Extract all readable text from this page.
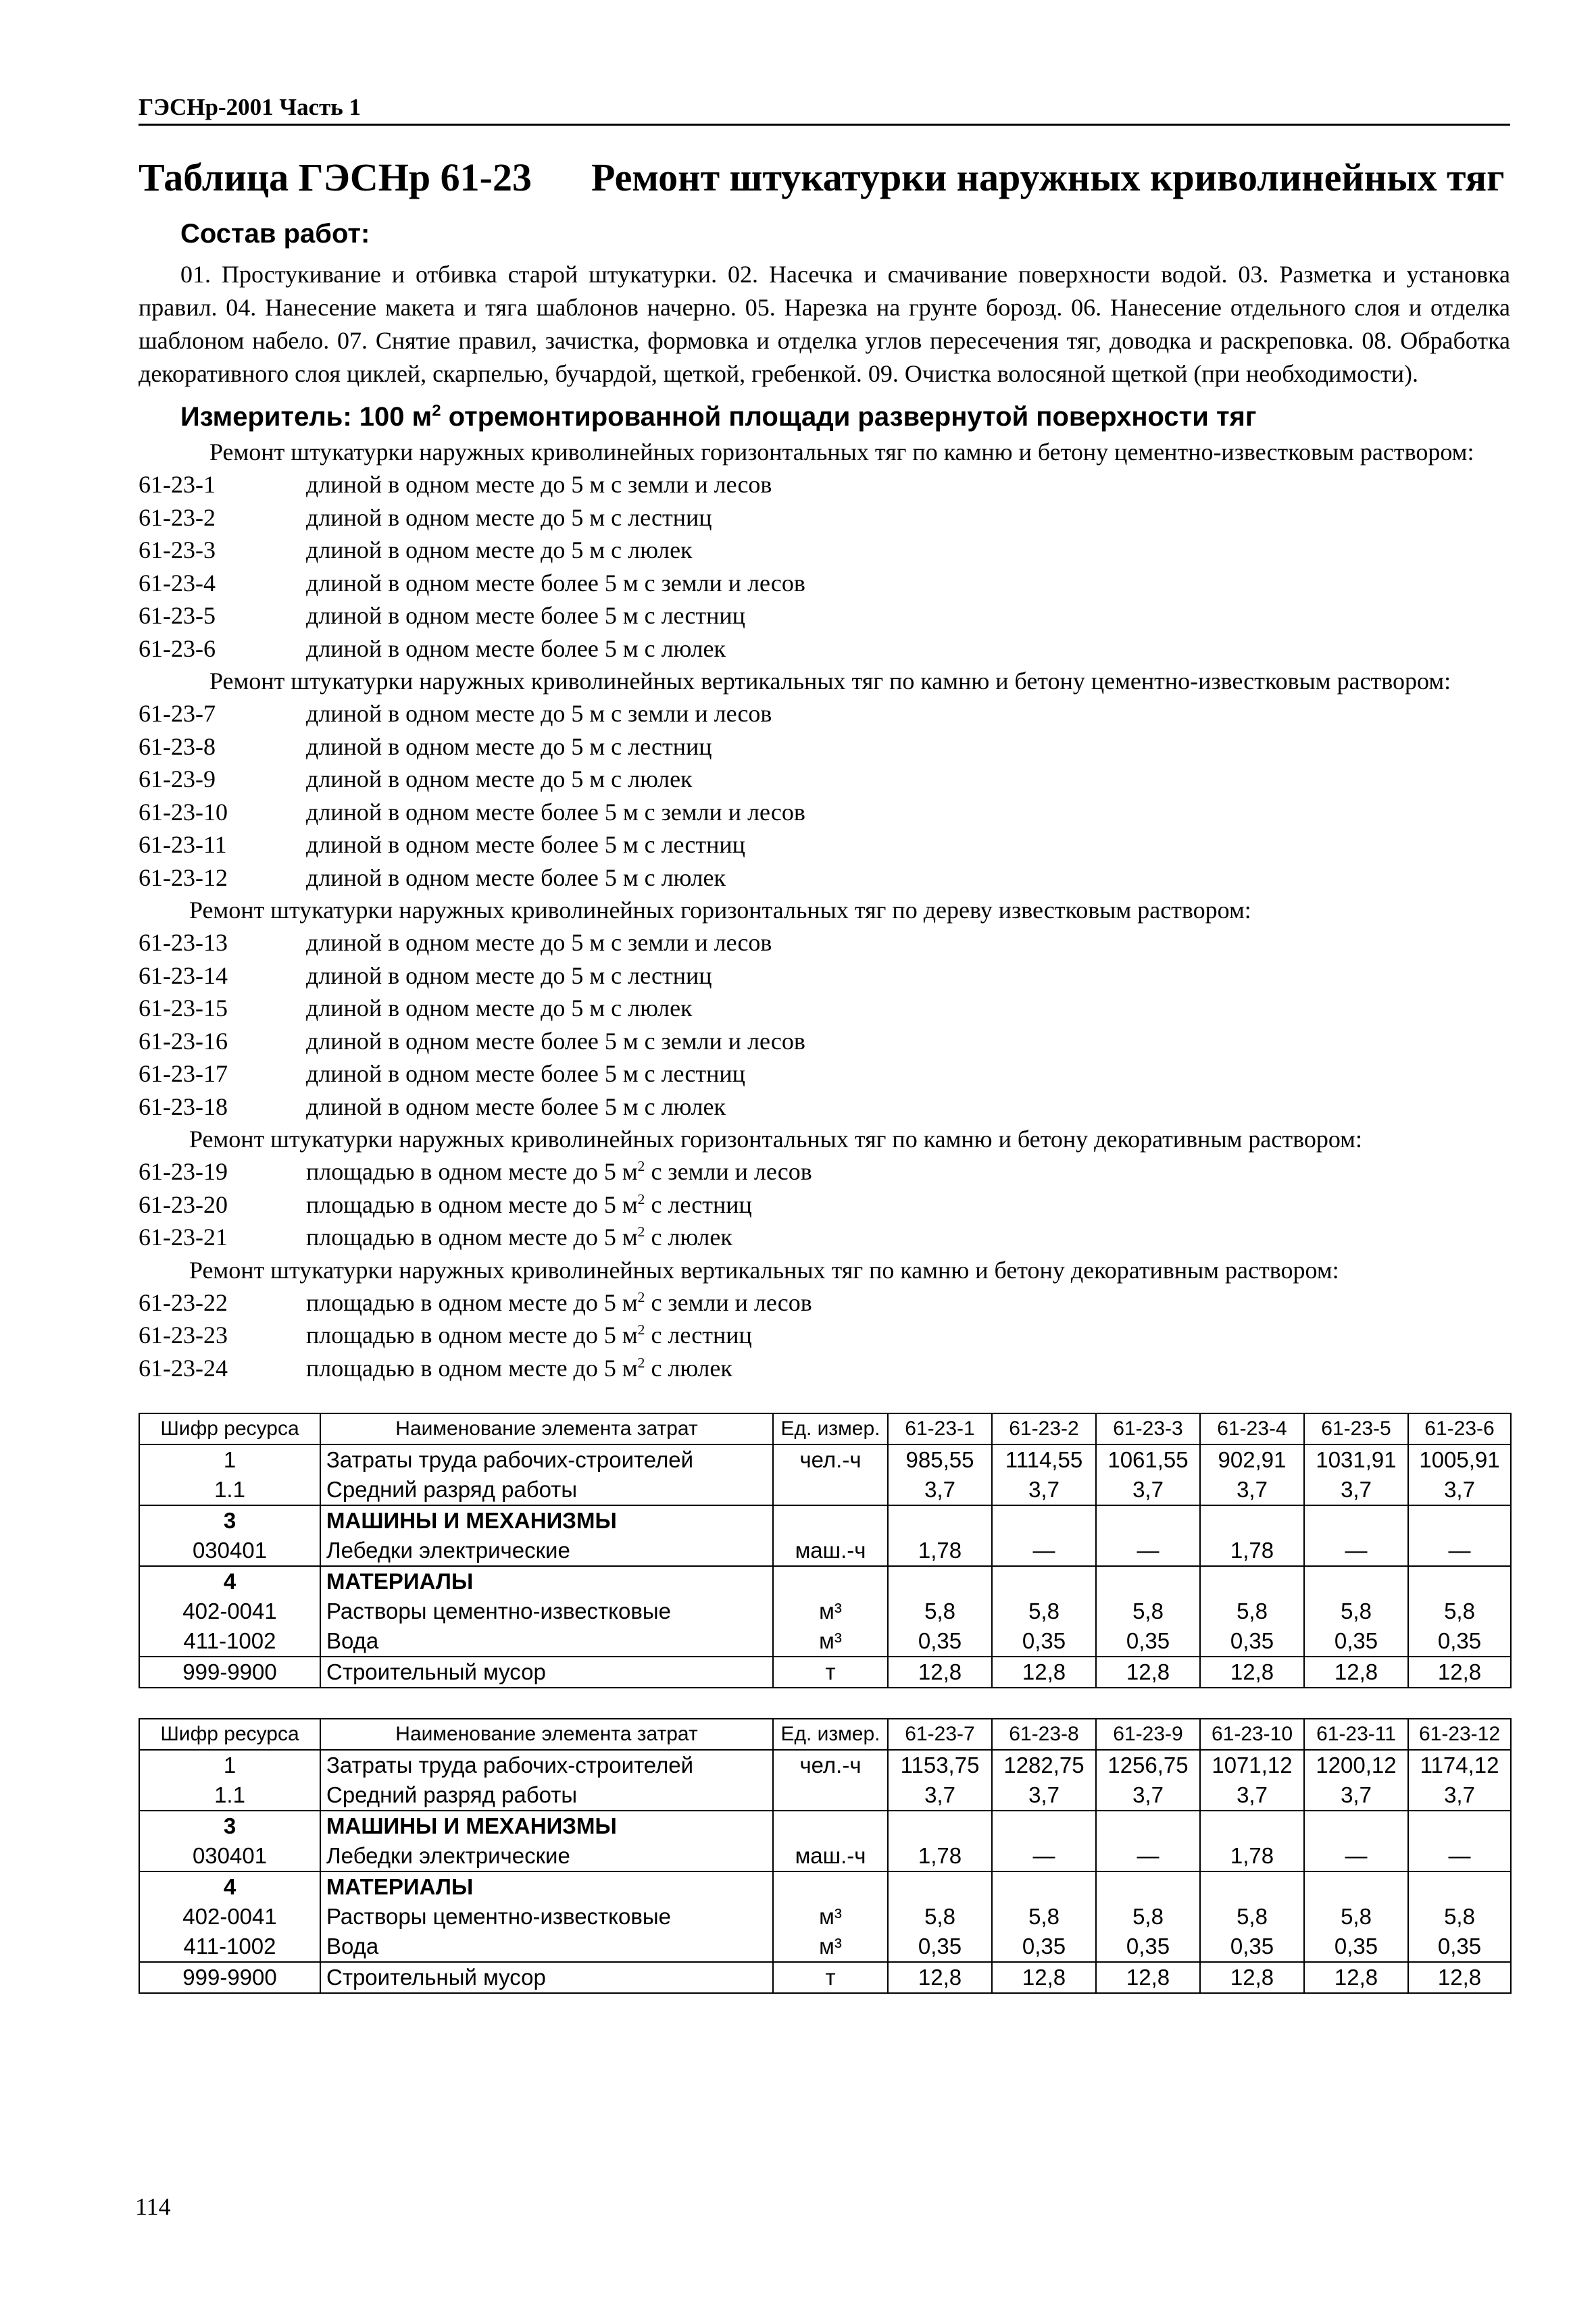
ГЭСНр-2001 Часть 1
Таблица ГЭСНр 61-23	Ремонт штукатурки наружных криволинейных тяг
Состав работ:
01. Простукивание и отбивка старой штукатурки. 02. Насечка и смачивание поверхности водой. 03. Разметка и установка правил. 04. Нанесение макета и тяга шаблонов начерно. 05. Нарезка на грунте борозд. 06. Нанесение отдельного слоя и отделка шаблоном набело. 07. Снятие правил, зачистка, формовка и отделка углов пересечения тяг, доводка и раскреповка. 08. Обработка декоративного слоя циклей, скарпелью, бучардой, щеткой, гребенкой. 09. Очистка волосяной щеткой (при необходимости).
Измеритель: 100 $м^2$ отремонтированной площади развернутой поверхности тяг
Ремонт штукатурки наружных криволинейных горизонтальных тяг по камню и бетону цементно-известковым раствором:
61-23-1	длиной в одном месте до 5 м с земли и лесов
61-23-2	длиной в одном месте до 5 м с лестниц
61-23-3	длиной в одном месте до 5 м с люлек
61-23-4	длиной в одном месте более 5 м с земли и лесов
61-23-5	длиной в одном месте более 5 м с лестниц
61-23-6	длиной в одном месте более 5 м с люлек
Ремонт штукатурки наружных криволинейных вертикальных тяг по камню и бетону цементно-известковым раствором:
61-23-7	длиной в одном месте до 5 м с земли и лесов
61-23-8	длиной в одном месте до 5 м с лестниц
61-23-9	длиной в одном месте до 5 м с люлек
61-23-10	длиной в одном месте более 5 м с земли и лесов
61-23-11	длиной в одном месте более 5 м с лестниц
61-23-12	длиной в одном месте более 5 м с люлек
Ремонт штукатурки наружных криволинейных горизонтальных тяг по дереву известковым раствором:
61-23-13	длиной в одном месте до 5 м с земли и лесов
61-23-14	длиной в одном месте до 5 м с лестниц
61-23-15	длиной в одном месте до 5 м с люлек
61-23-16	длиной в одном месте более 5 м с земли и лесов
61-23-17	длиной в одном месте более 5 м с лестниц
61-23-18	длиной в одном месте более 5 м с люлек
Ремонт штукатурки наружных криволинейных горизонтальных тяг по камню и бетону декоративным раствором:
61-23-19	площадью в одном месте до 5 $м^2$ с земли и лесов
61-23-20	площадью в одном месте до 5 $м^2$ с лестниц
61-23-21	площадью в одном месте до 5 $м^2$ с люлек
Ремонт штукатурки наружных криволинейных вертикальных тяг по камню и бетону декоративным раствором:
61-23-22	площадью в одном месте до 5 $м^2$ с земли и лесов
61-23-23	площадью в одном месте до 5 $м^2$ с лестниц
61-23-24	площадью в одном месте до 5 $м^2$ с люлек
Шифр ресурса	Наименование элемента затрат	Ед. измер.	61-23-1	61-23-2	61-23-3	61-23-4	61-23-5	61-23-6
1	Затраты труда рабочих-строителей	чел.-ч	985,55	1114,55	1061,55	902,91	1031,91	1005,91
1.1	Средний разряд работы		3,7	3,7	3,7	3,7	3,7	3,7
3	МАШИНЫ И МЕХАНИЗМЫ							
030401	Лебедки электрические	маш.-ч	1,78	—	—	1,78	—	—
4	МАТЕРИАЛЫ							
402-0041	Растворы цементно-известковые	м³	5,8	5,8	5,8	5,8	5,8	5,8
411-1002	Вода	м³	0,35	0,35	0,35	0,35	0,35	0,35
999-9900	Строительный мусор	т	12,8	12,8	12,8	12,8	12,8	12,8
Шифр ресурса	Наименование элемента затрат	Ед. измер.	61-23-7	61-23-8	61-23-9	61-23-10	61-23-11	61-23-12
1	Затраты труда рабочих-строителей	чел.-ч	1153,75	1282,75	1256,75	1071,12	1200,12	1174,12
1.1	Средний разряд работы		3,7	3,7	3,7	3,7	3,7	3,7
3	МАШИНЫ И МЕХАНИЗМЫ							
030401	Лебедки электрические	маш.-ч	1,78	—	—	1,78	—	—
4	МАТЕРИАЛЫ							
402-0041	Растворы цементно-известковые	м³	5,8	5,8	5,8	5,8	5,8	5,8
411-1002	Вода	м³	0,35	0,35	0,35	0,35	0,35	0,35
999-9900	Строительный мусор	т	12,8	12,8	12,8	12,8	12,8	12,8
114
